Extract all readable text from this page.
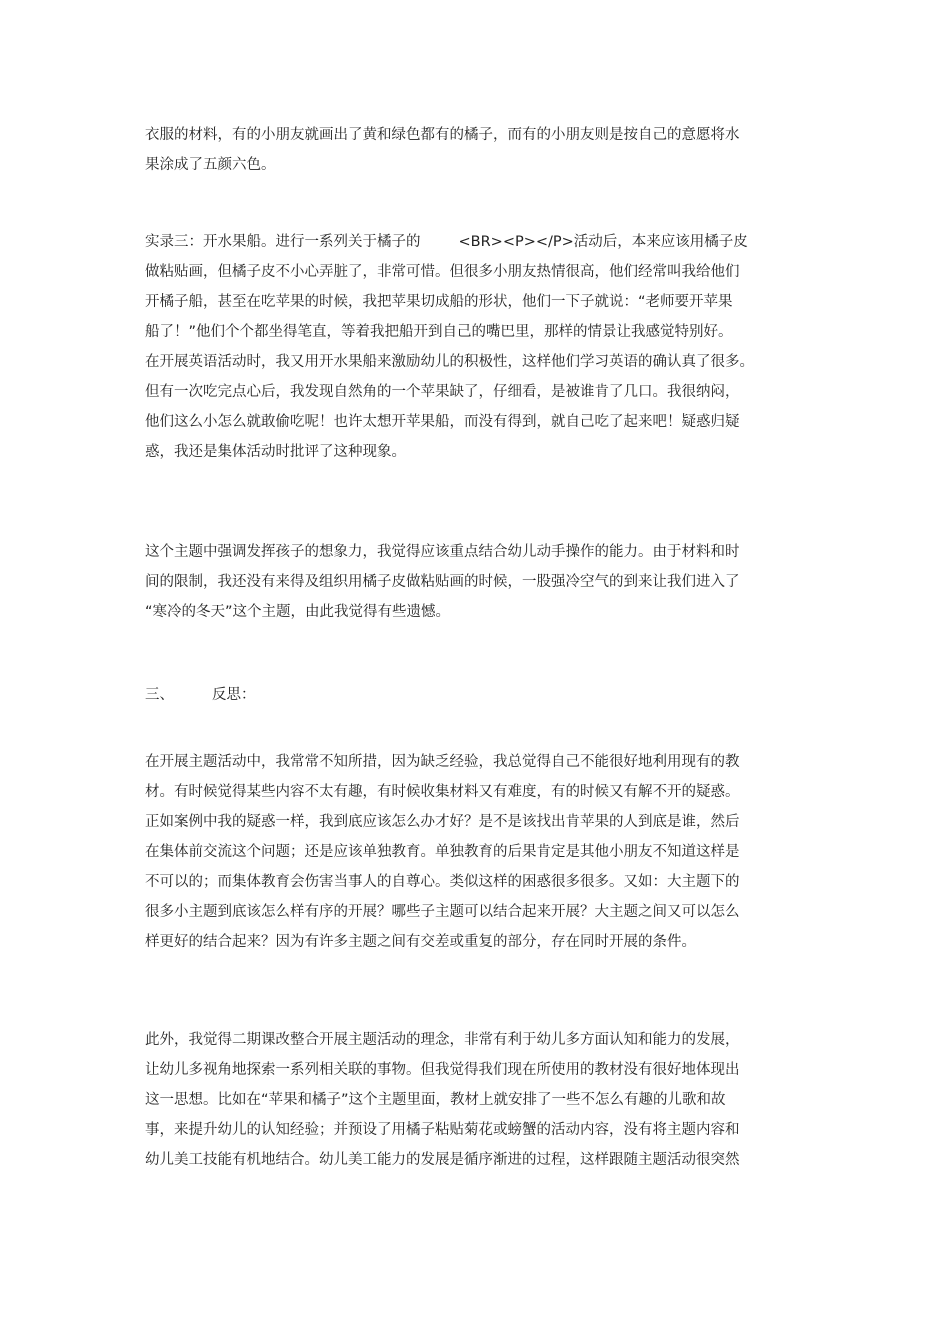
衣服的材料，有的小朋友就画出了黄和绿色都有的橘子，而有的小朋友则是按自己的意愿将水
果涂成了五颜六色。

实录三：开水果船。进行一系列关于橘子的	<BR><P></P>活动后，本来应该用橘子皮
做粘贴画，但橘子皮不小心弄脏了，非常可惜。但很多小朋友热情很高，他们经常叫我给他们
开橘子船，甚至在吃苹果的时候，我把苹果切成船的形状，他们一下子就说：“老师要开苹果
船了！”他们个个都坐得笔直，等着我把船开到自己的嘴巴里，那样的情景让我感觉特别好。
在开展英语活动时，我又用开水果船来激励幼儿的积极性，这样他们学习英语的确认真了很多。
但有一次吃完点心后，我发现自然角的一个苹果缺了，仔细看，是被谁肯了几口。我很纳闷，
他们这么小怎么就敢偷吃呢！也许太想开苹果船，而没有得到，就自己吃了起来吧！疑惑归疑
惑，我还是集体活动时批评了这种现象。

这个主题中强调发挥孩子的想象力，我觉得应该重点结合幼儿动手操作的能力。由于材料和时
间的限制，我还没有来得及组织用橘子皮做粘贴画的时候，一股强冷空气的到来让我们进入了
“寒冷的冬天”这个主题，由此我觉得有些遗憾。

三、	反思：

在开展主题活动中，我常常不知所措，因为缺乏经验，我总觉得自己不能很好地利用现有的教
材。有时候觉得某些内容不太有趣，有时候收集材料又有难度，有的时候又有解不开的疑惑。
正如案例中我的疑惑一样，我到底应该怎么办才好？是不是该找出肯苹果的人到底是谁，然后
在集体前交流这个问题；还是应该单独教育。单独教育的后果肯定是其他小朋友不知道这样是
不可以的；而集体教育会伤害当事人的自尊心。类似这样的困惑很多很多。又如：大主题下的
很多小主题到底该怎么样有序的开展？哪些子主题可以结合起来开展？大主题之间又可以怎么
样更好的结合起来？因为有许多主题之间有交差或重复的部分，存在同时开展的条件。

此外，我觉得二期课改整合开展主题活动的理念，非常有利于幼儿多方面认知和能力的发展，
让幼儿多视角地探索一系列相关联的事物。但我觉得我们现在所使用的教材没有很好地体现出
这一思想。比如在“苹果和橘子”这个主题里面，教材上就安排了一些不怎么有趣的儿歌和故
事，来提升幼儿的认知经验；并预设了用橘子粘贴菊花或螃蟹的活动内容，没有将主题内容和
幼儿美工技能有机地结合。幼儿美工能力的发展是循序渐进的过程，这样跟随主题活动很突然
